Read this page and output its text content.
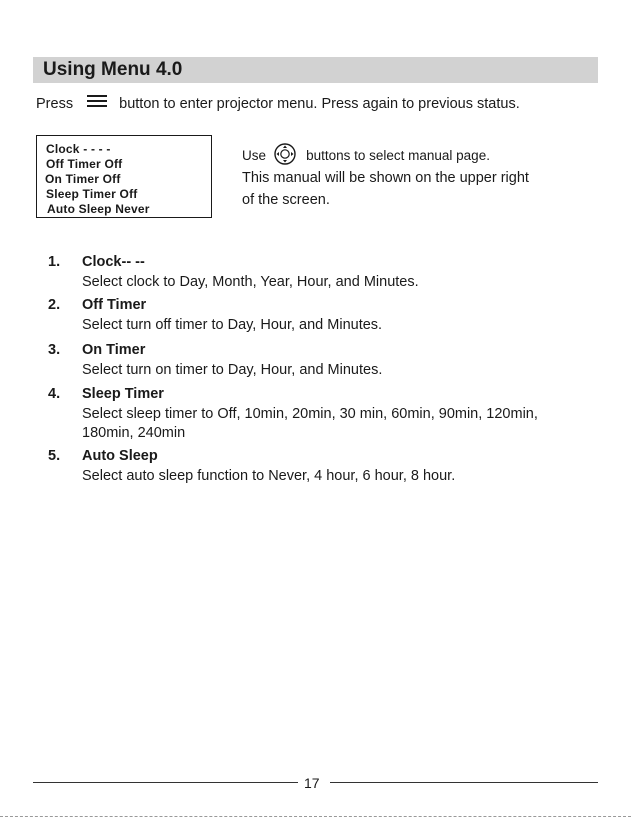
Using Menu 4.0
Press	button to enter projector menu. Press again to previous status.
Clock - - - -
Off Timer Off
On Timer Off
Sleep Timer Off
Auto Sleep Never
Use	buttons to select manual page.
This manual will be shown on the upper right
of the screen.
1. Clock-- --
Select clock to Day, Month, Year, Hour, and Minutes.
2. Off Timer
Select turn off timer to Day, Hour, and Minutes.
3. On Timer
Select turn on timer to Day, Hour, and Minutes.
4. Sleep Timer
Select sleep timer to Off, 10min, 20min, 30 min, 60min, 90min, 120min, 180min, 240min
5. Auto Sleep
Select auto sleep function to Never, 4 hour, 6 hour, 8 hour.
17
